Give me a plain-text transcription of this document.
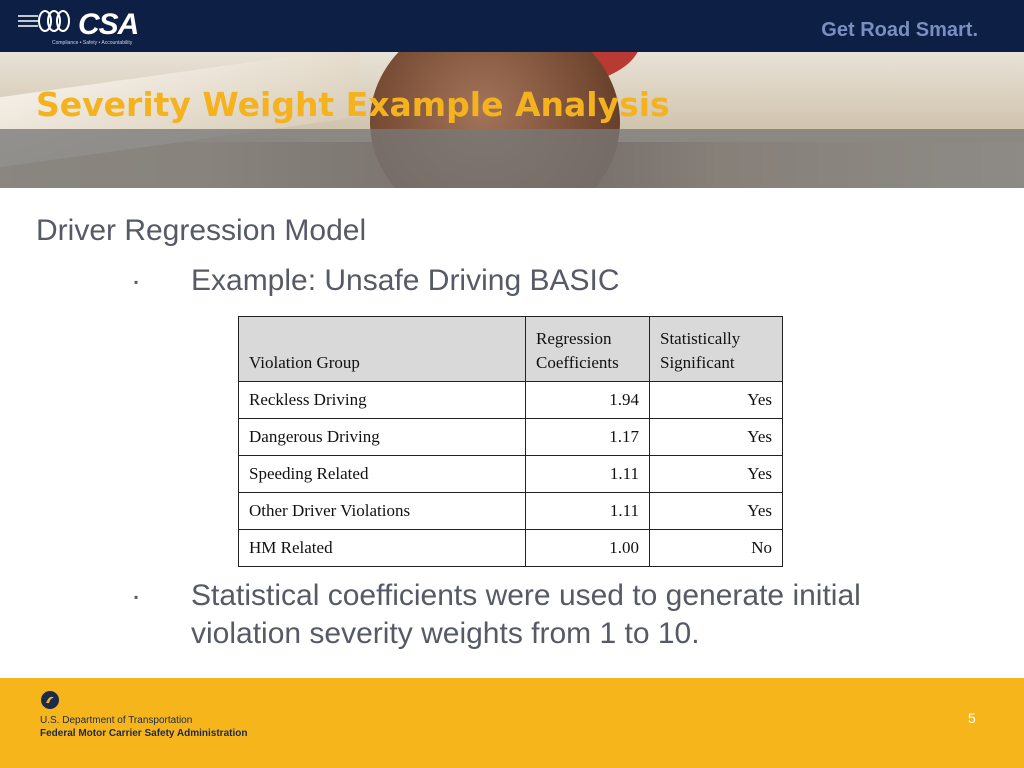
CSA
Compliance • Safety • Accountability
Get Road Smart.
Severity Weight Example Analysis
Driver Regression Model
▪ Example: Unsafe Driving BASIC
Violation Group	Regression Coefficients	Statistically Significant
Reckless Driving	1.94	Yes
Dangerous Driving	1.17	Yes
Speeding Related	1.11	Yes
Other Driver Violations	1.11	Yes
HM Related	1.00	No
▪ Statistical coefficients were used to generate initial violation severity weights from 1 to 10.
U.S. Department of Transportation
Federal Motor Carrier Safety Administration
5
